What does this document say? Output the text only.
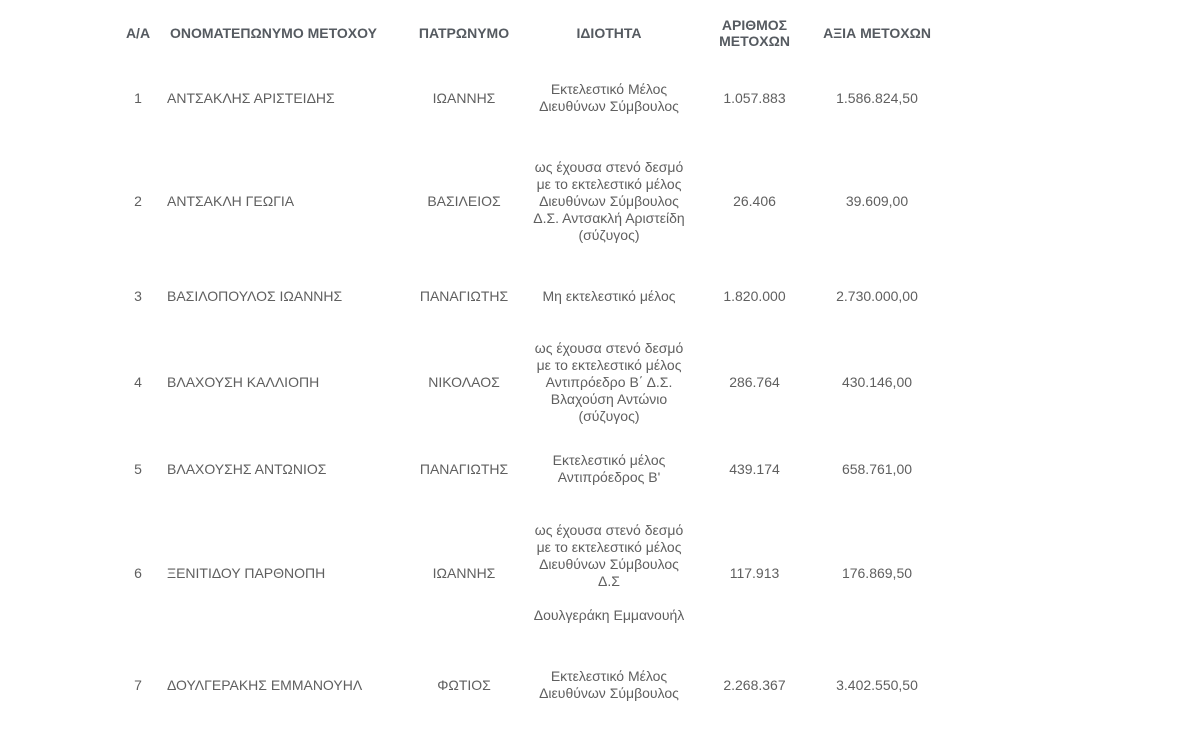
Α/Α	ΟΝΟΜΑΤΕΠΩΝΥΜΟ ΜΕΤΟΧΟΥ	ΠΑΤΡΩΝΥΜΟ	ΙΔΙΟΤΗΤΑ	ΑΡΙΘΜΟΣ
ΜΕΤΟΧΩΝ	ΑΞΙΑ ΜΕΤΟΧΩΝ
1	ΑΝΤΣΑΚΛΗΣ ΑΡΙΣΤΕΙΔΗΣ	ΙΩΑΝΝΗΣ	Εκτελεστικό Μέλος Διευθύνων Σύμβουλος	1.057.883	1.586.824,50
2	ΑΝΤΣΑΚΛΗ ΓΕΩΓΙΑ	ΒΑΣΙΛΕΙΟΣ	ως έχουσα στενό δεσμό με το εκτελεστικό μέλος Διευθύνων Σύμβουλος Δ.Σ. Αντσακλή Αριστείδη (σύζυγος)	26.406	39.609,00
3	ΒΑΣΙΛΟΠΟΥΛΟΣ ΙΩΑΝΝΗΣ	ΠΑΝΑΓΙΩΤΗΣ	Μη εκτελεστικό μέλος	1.820.000	2.730.000,00
4	ΒΛΑΧΟΥΣΗ ΚΑΛΛΙΟΠΗ	ΝΙΚΟΛΑΟΣ	ως έχουσα στενό δεσμό με το εκτελεστικό μέλος Αντιπρόεδρο Β΄ Δ.Σ. Βλαχούση Αντώνιο (σύζυγος)	286.764	430.146,00
5	ΒΛΑΧΟΥΣΗΣ ΑΝΤΩΝΙΟΣ	ΠΑΝΑΓΙΩΤΗΣ	Εκτελεστικό μέλος Αντιπρόεδρος Β'	439.174	658.761,00
6	ΞΕΝΙΤΙΔΟΥ ΠΑΡΘΝΟΠΗ	ΙΩΑΝΝΗΣ	ως έχουσα στενό δεσμό με το εκτελεστικό μέλος Διευθύνων Σύμβουλος Δ.Σ
Δουλγεράκη Εμμανουήλ	117.913	176.869,50
7	ΔΟΥΛΓΕΡΑΚΗΣ ΕΜΜΑΝΟΥΗΛ	ΦΩΤΙΟΣ	Εκτελεστικό Μέλος Διευθύνων Σύμβουλος	2.268.367	3.402.550,50
